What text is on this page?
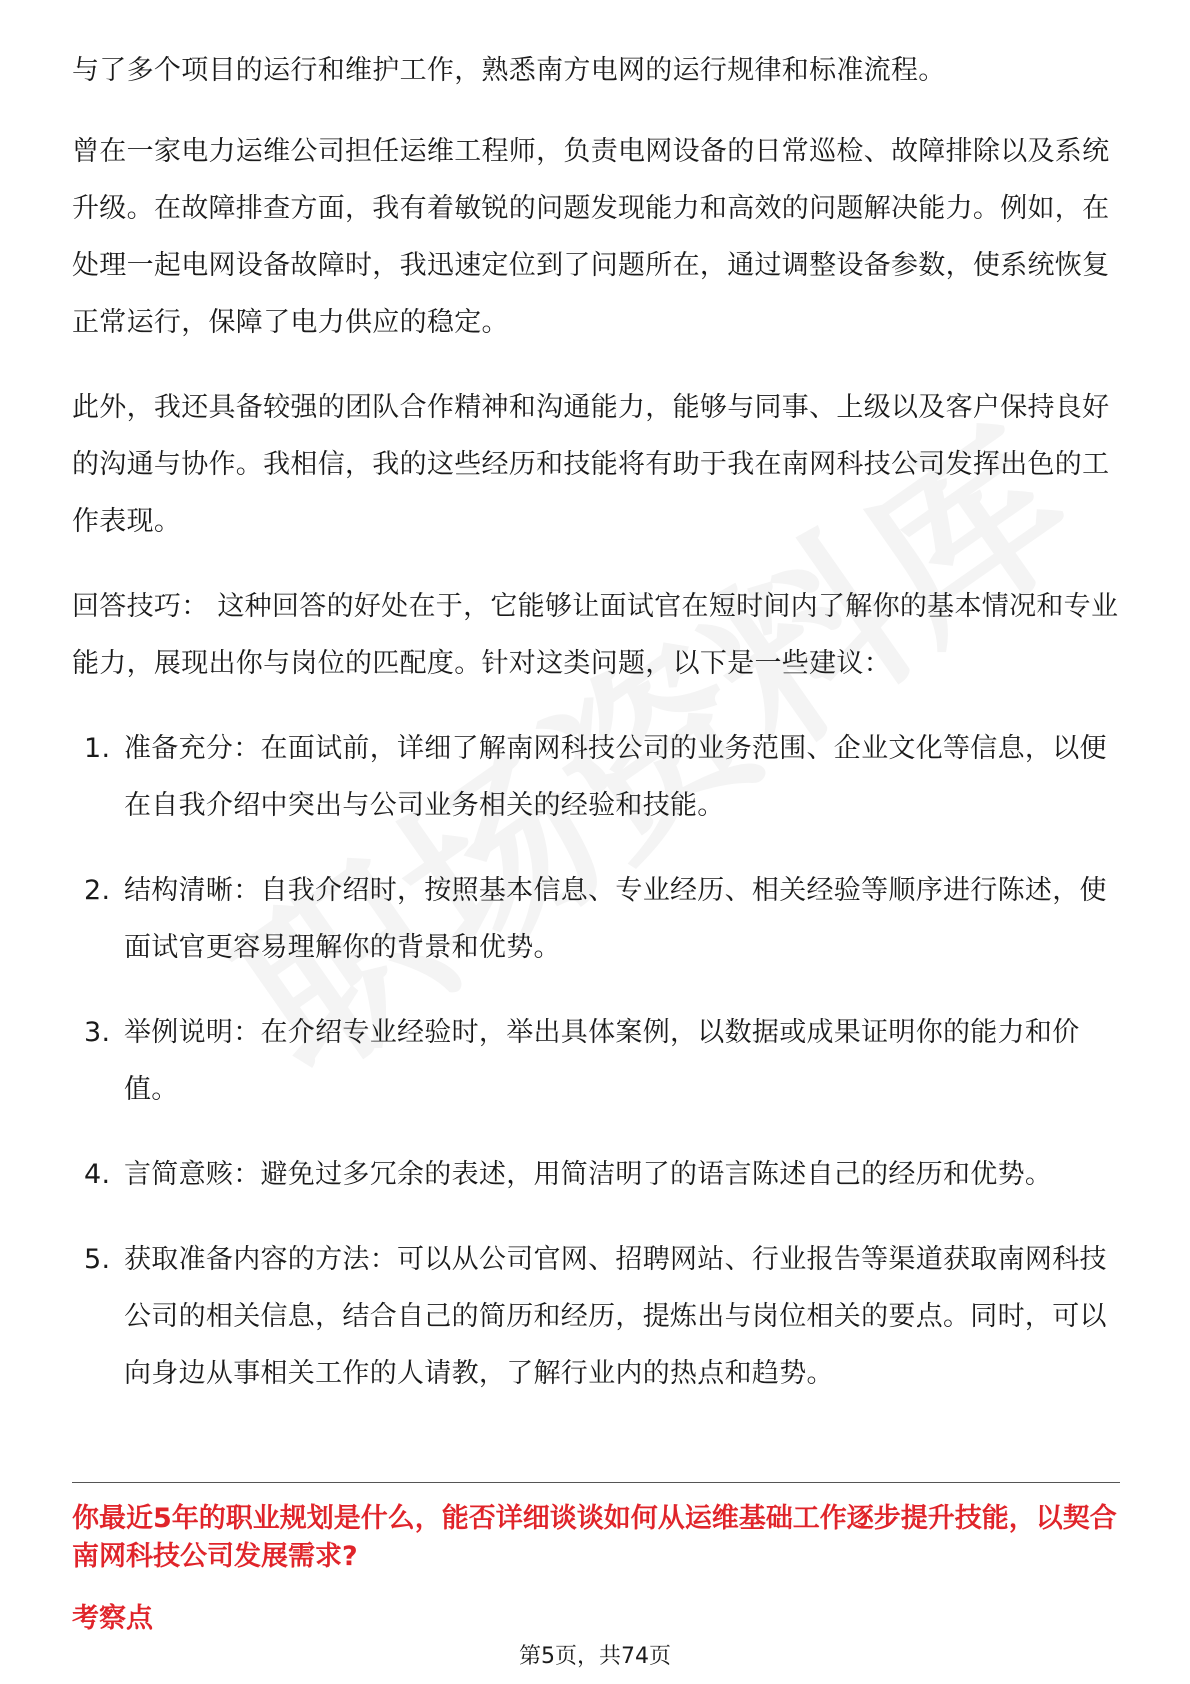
与了多个项目的运行和维护工作，熟悉南方电网的运行规律和标准流程。

曾在一家电力运维公司担任运维工程师，负责电网设备的日常巡检、故障排除以及系统升级。在故障排查方面，我有着敏锐的问题发现能力和高效的问题解决能力。例如，在处理一起电网设备故障时，我迅速定位到了问题所在，通过调整设备参数，使系统恢复正常运行，保障了电力供应的稳定。

此外，我还具备较强的团队合作精神和沟通能力，能够与同事、上级以及客户保持良好的沟通与协作。我相信，我的这些经历和技能将有助于我在南网科技公司发挥出色的工作表现。

回答技巧： 这种回答的好处在于，它能够让面试官在短时间内了解你的基本情况和专业能力，展现出你与岗位的匹配度。针对这类问题，以下是一些建议：

1. 准备充分：在面试前，详细了解南网科技公司的业务范围、企业文化等信息，以便在自我介绍中突出与公司业务相关的经验和技能。
2. 结构清晰：自我介绍时，按照基本信息、专业经历、相关经验等顺序进行陈述，使面试官更容易理解你的背景和优势。
3. 举例说明：在介绍专业经验时，举出具体案例，以数据或成果证明你的能力和价值。
4. 言简意赅：避免过多冗余的表述，用简洁明了的语言陈述自己的经历和优势。
5. 获取准备内容的方法：可以从公司官网、招聘网站、行业报告等渠道获取南网科技公司的相关信息，结合自己的简历和经历，提炼出与岗位相关的要点。同时，可以向身边从事相关工作的人请教，了解行业内的热点和趋势。
你最近5年的职业规划是什么，能否详细谈谈如何从运维基础工作逐步提升技能，以契合南网科技公司发展需求?
考察点
第5页，共74页
